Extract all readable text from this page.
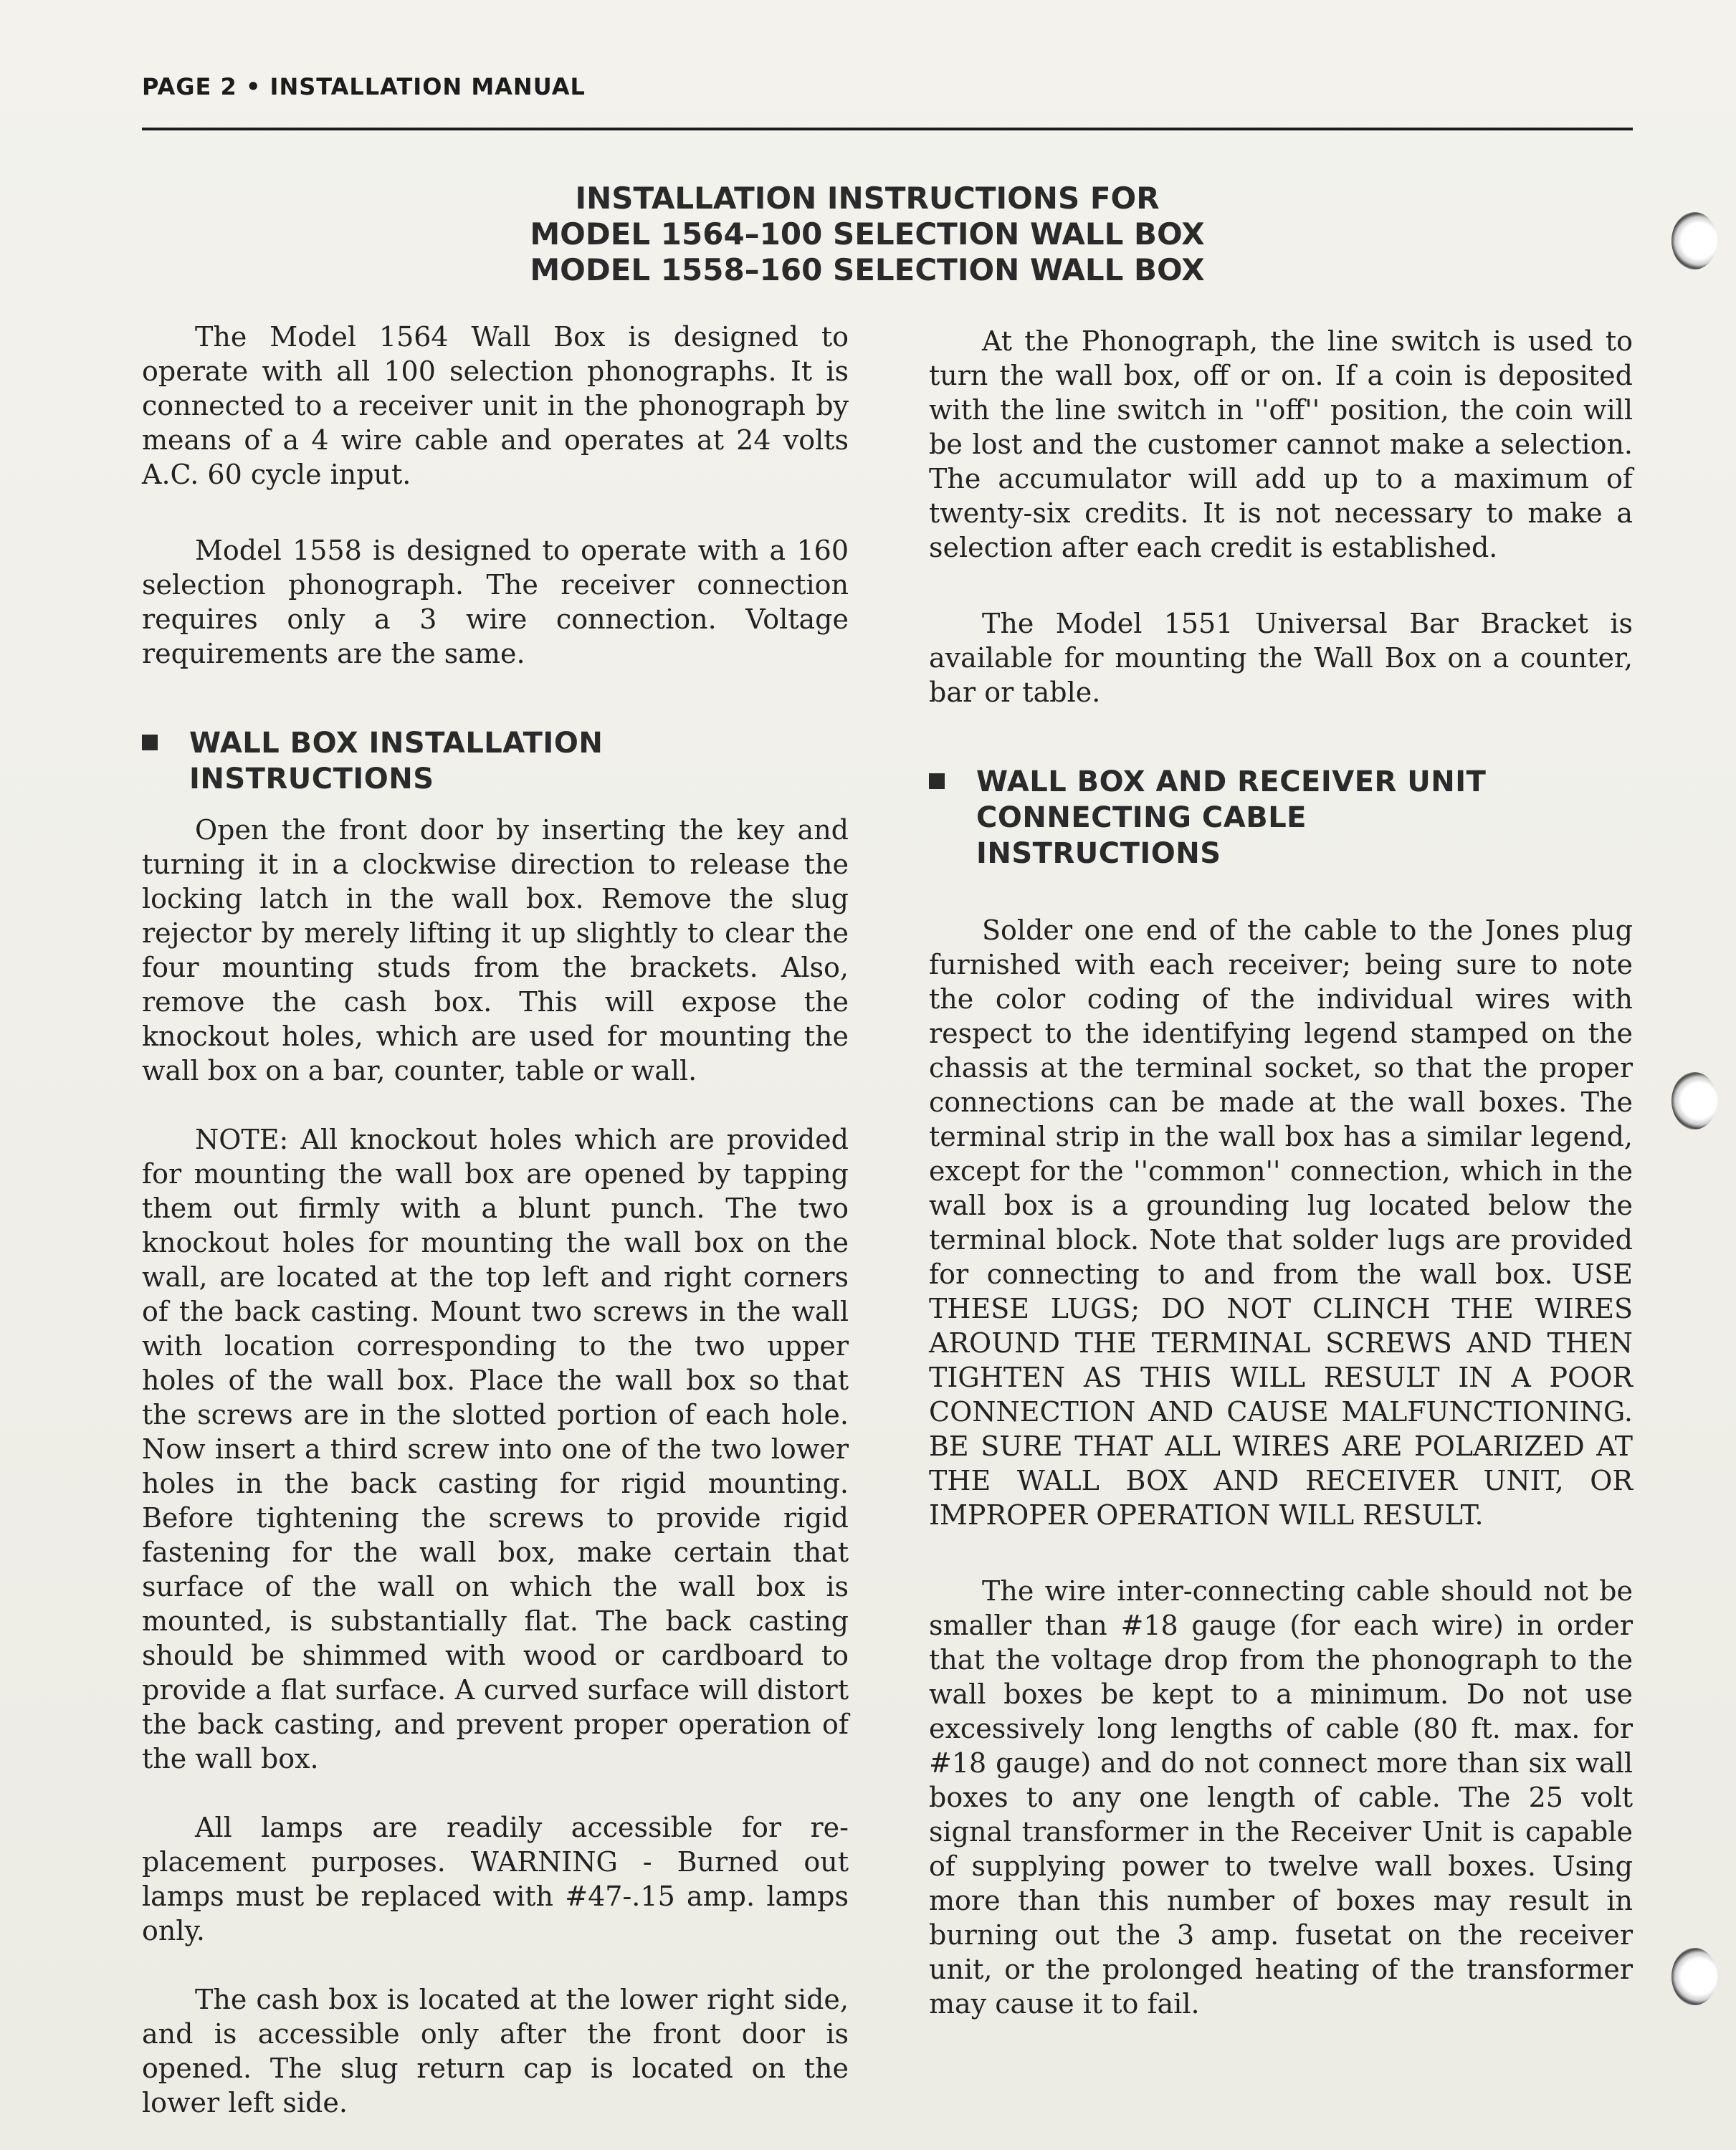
PAGE 2 • INSTALLATION MANUAL
INSTALLATION INSTRUCTIONS FOR
MODEL 1564–100 SELECTION WALL BOX
MODEL 1558–160 SELECTION WALL BOX

The Model 1564 Wall Box is designed to operate with all 100 selection phonographs. It is connected to a receiver unit in the phonograph by means of a 4 wire cable and operates at 24 volts A.C. 60 cycle input.

Model 1558 is designed to operate with a 160 selection phonograph. The receiver connection requires only a 3 wire connection. Voltage requirements are the same.

WALL BOX INSTALLATION
INSTRUCTIONS

Open the front door by inserting the key and turning it in a clockwise direction to release the locking latch in the wall box. Remove the slug rejector by merely lifting it up slightly to clear the four mounting studs from the brackets. Also, remove the cash box. This will expose the knockout holes, which are used for mounting the wall box on a bar, counter, table or wall.

NOTE: All knockout holes which are provided for mounting the wall box are opened by tapping them out firmly with a blunt punch. The two knockout holes for mounting the wall box on the wall, are located at the top left and right corners of the back casting. Mount two screws in the wall with location corresponding to the two upper holes of the wall box. Place the wall box so that the screws are in the slotted portion of each hole. Now insert a third screw into one of the two lower holes in the back casting for rigid mounting. Before tightening the screws to provide rigid fastening for the wall box, make certain that surface of the wall on which the wall box is mounted, is substantially flat. The back casting should be shimmed with wood or cardboard to provide a flat surface. A curved surface will distort the back casting, and prevent proper operation of the wall box.

All lamps are readily accessible for replacement purposes. WARNING - Burned out lamps must be replaced with #47-.15 amp. lamps only.

The cash box is located at the lower right side, and is accessible only after the front door is opened. The slug return cap is located on the lower left side.

At the Phonograph, the line switch is used to turn the wall box, off or on. If a coin is deposited with the line switch in ''off'' position, the coin will be lost and the customer cannot make a selection. The accumulator will add up to a maximum of twenty-six credits. It is not necessary to make a selection after each credit is established.

The Model 1551 Universal Bar Bracket is available for mounting the Wall Box on a counter, bar or table.

WALL BOX AND RECEIVER UNIT
CONNECTING CABLE
INSTRUCTIONS

Solder one end of the cable to the Jones plug furnished with each receiver; being sure to note the color coding of the individual wires with respect to the identifying legend stamped on the chassis at the terminal socket, so that the proper connections can be made at the wall boxes. The terminal strip in the wall box has a similar legend, except for the ''common'' connection, which in the wall box is a grounding lug located below the terminal block. Note that solder lugs are provided for connecting to and from the wall box. USE THESE LUGS; DO NOT CLINCH THE WIRES AROUND THE TERMINAL SCREWS AND THEN TIGHTEN AS THIS WILL RESULT IN A POOR CONNECTION AND CAUSE MALFUNCTIONING. BE SURE THAT ALL WIRES ARE POLARIZED AT THE WALL BOX AND RECEIVER UNIT, OR IMPROPER OPERATION WILL RESULT.

The wire inter-connecting cable should not be smaller than #18 gauge (for each wire) in order that the voltage drop from the phonograph to the wall boxes be kept to a minimum. Do not use excessively long lengths of cable (80 ft. max. for #18 gauge) and do not connect more than six wall boxes to any one length of cable. The 25 volt signal transformer in the Receiver Unit is capable of supplying power to twelve wall boxes. Using more than this number of boxes may result in burning out the 3 amp. fusetat on the receiver unit, or the prolonged heating of the transformer may cause it to fail.
